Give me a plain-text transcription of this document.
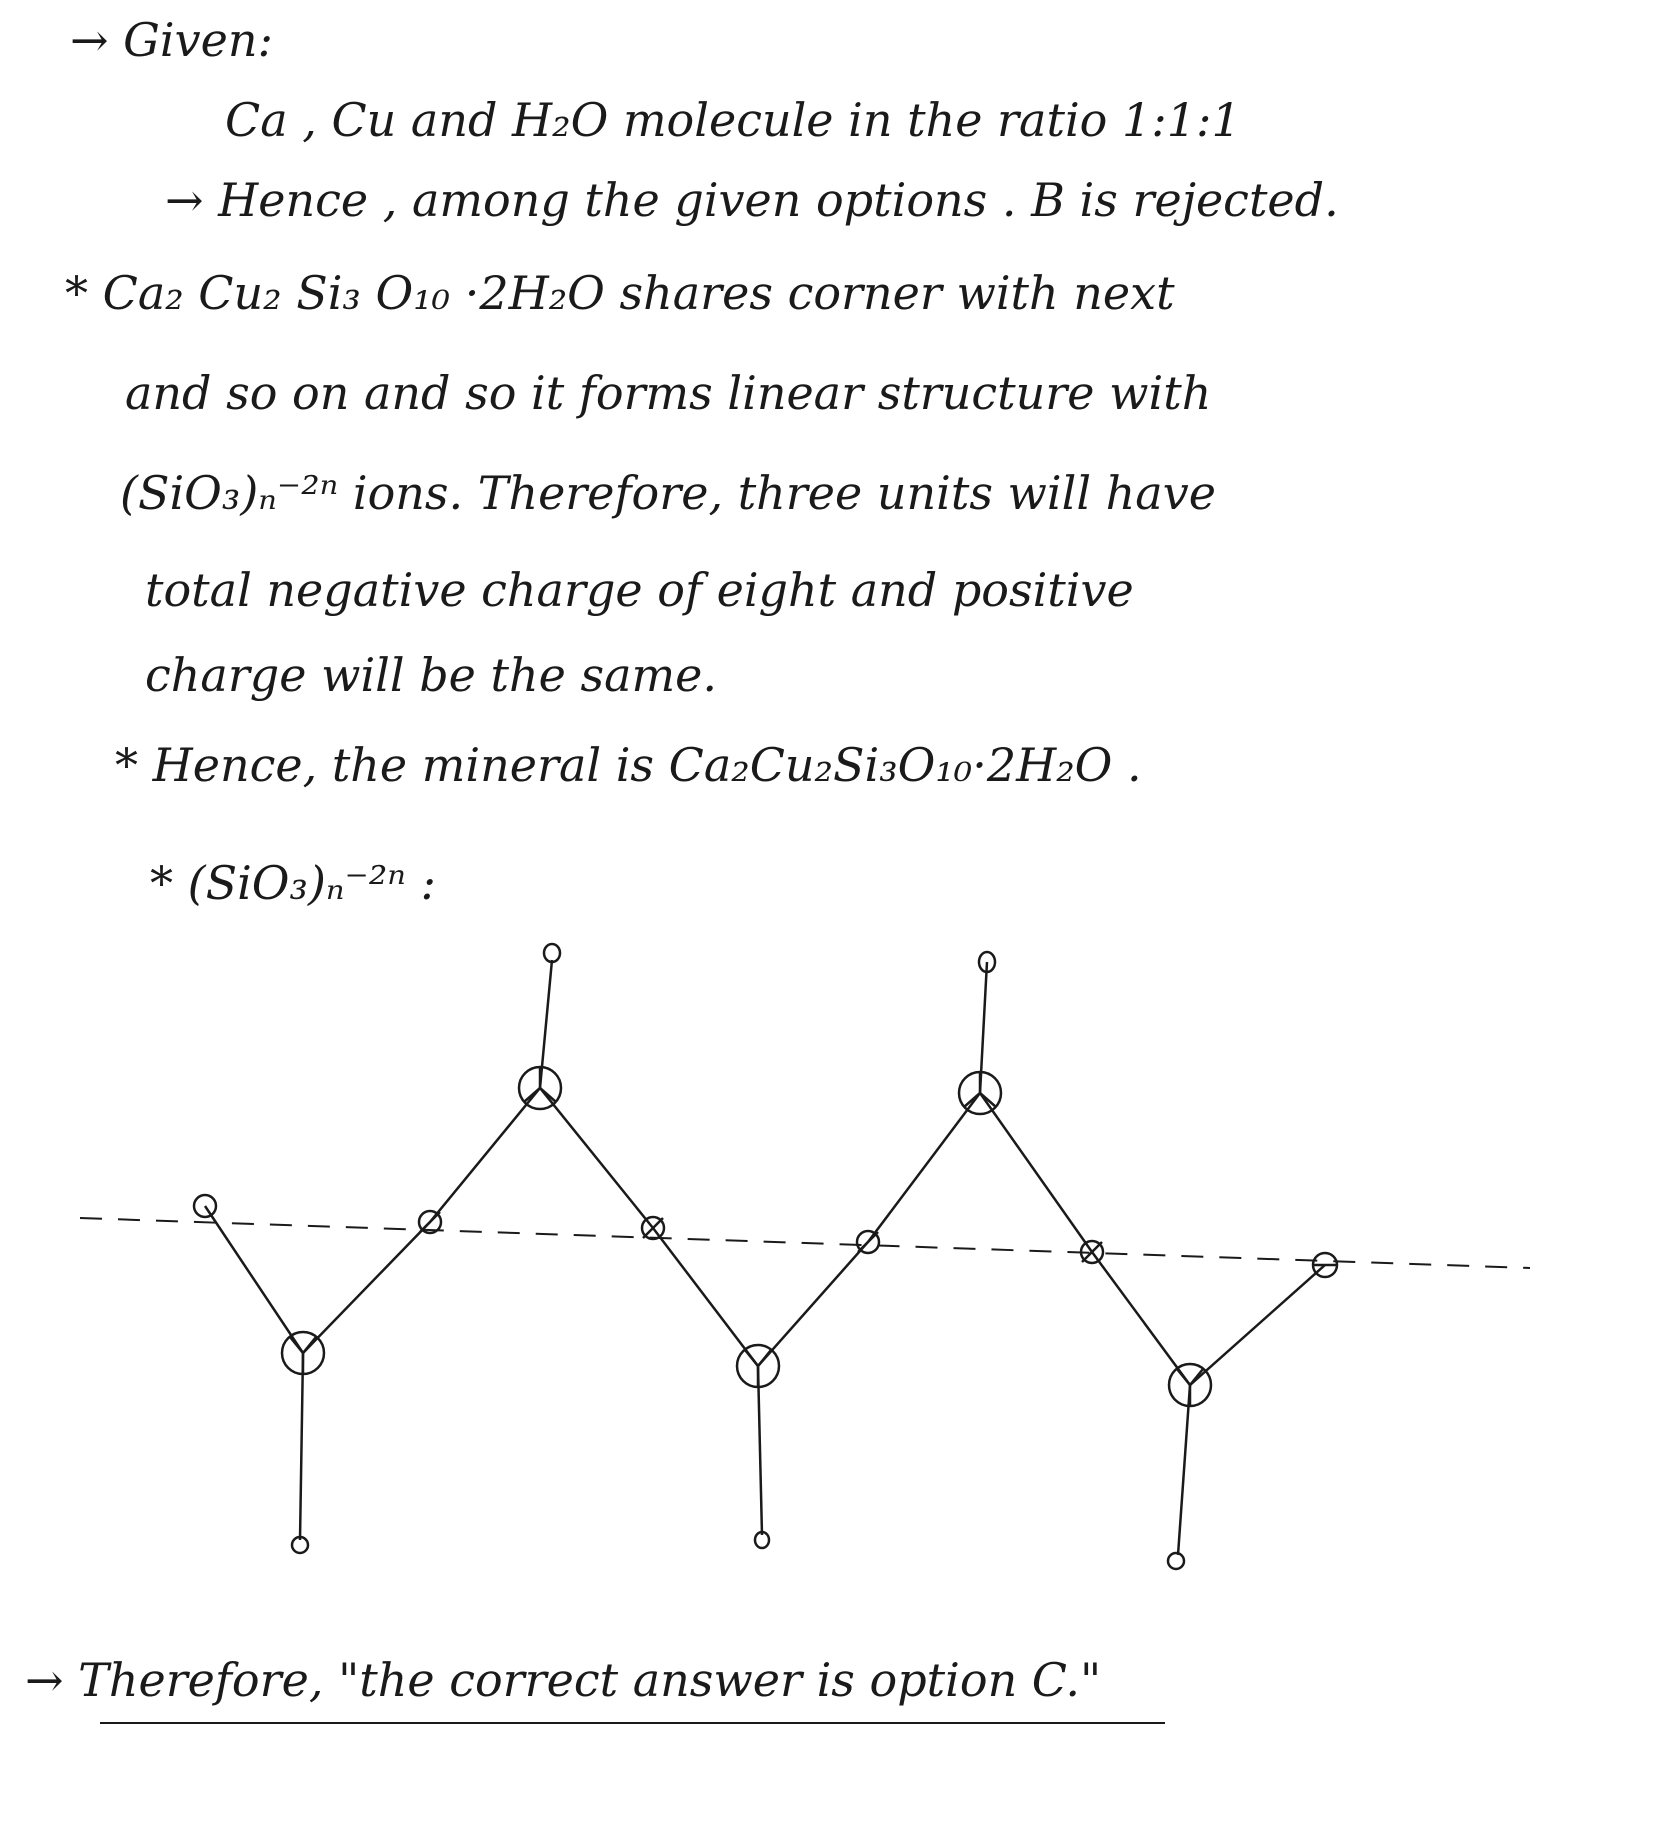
→ Given:
Ca , Cu and H₂O molecule in the ratio 1:1:1
→ Hence , among the given options . B is rejected.
* Ca₂ Cu₂ Si₃ O₁₀ ·2H₂O shares corner with next
and so on and so it forms linear structure with
(SiO₃)ₙ⁻²ⁿ ions. Therefore, three units will have
total negative charge of eight and positive
charge will be the same.
* Hence, the mineral is Ca₂Cu₂Si₃O₁₀·2H₂O .
* (SiO₃)ₙ⁻²ⁿ :
→ Therefore, "the correct answer is option C."
